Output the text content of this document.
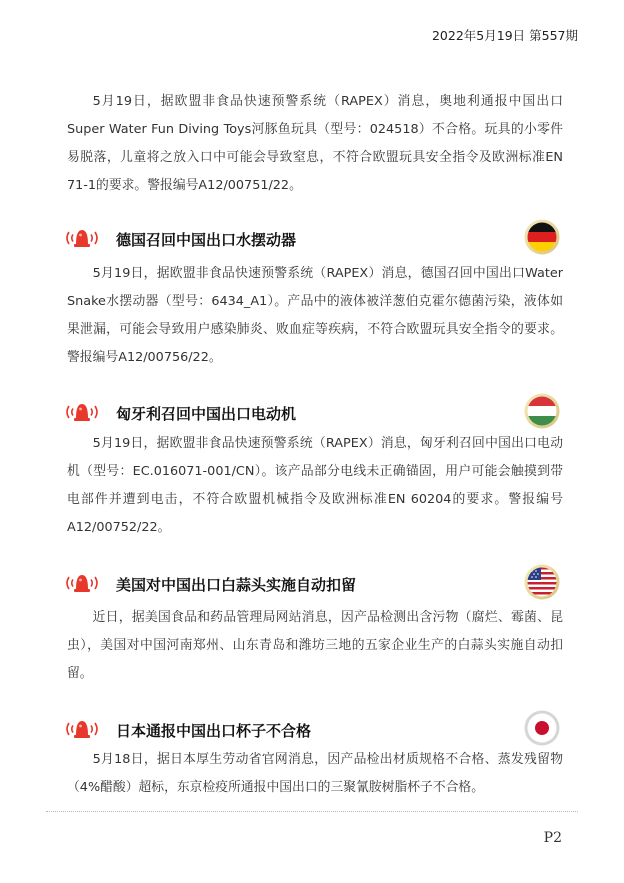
2022年5月19日 第557期

5月19日，据欧盟非食品快速预警系统（RAPEX）消息，奥地利通报中国出口Super Water Fun Diving Toys河豚鱼玩具（型号：024518）不合格。玩具的小零件易脱落，儿童将之放入口中可能会导致窒息，不符合欧盟玩具安全指令及欧洲标准EN 71-1的要求。警报编号A12/00751/22。

德国召回中国出口水摆动器

5月19日，据欧盟非食品快速预警系统（RAPEX）消息，德国召回中国出口Water Snake水摆动器（型号：6434_A1）。产品中的液体被洋葱伯克霍尔德菌污染，液体如果泄漏，可能会导致用户感染肺炎、败血症等疾病，不符合欧盟玩具安全指令的要求。警报编号A12/00756/22。

匈牙利召回中国出口电动机

5月19日，据欧盟非食品快速预警系统（RAPEX）消息，匈牙利召回中国出口电动机（型号：EC.016071-001/CN）。该产品部分电线未正确锚固，用户可能会触摸到带电部件并遭到电击，不符合欧盟机械指令及欧洲标准EN 60204的要求。警报编号A12/00752/22。

美国对中国出口白蒜头实施自动扣留

近日，据美国食品和药品管理局网站消息，因产品检测出含污物（腐烂、霉菌、昆虫），美国对中国河南郑州、山东青岛和潍坊三地的五家企业生产的白蒜头实施自动扣留。

日本通报中国出口杯子不合格

5月18日，据日本厚生劳动省官网消息，因产品检出材质规格不合格、蒸发残留物（4%醋酸）超标，东京检疫所通报中国出口的三聚氰胺树脂杯子不合格。

P2
